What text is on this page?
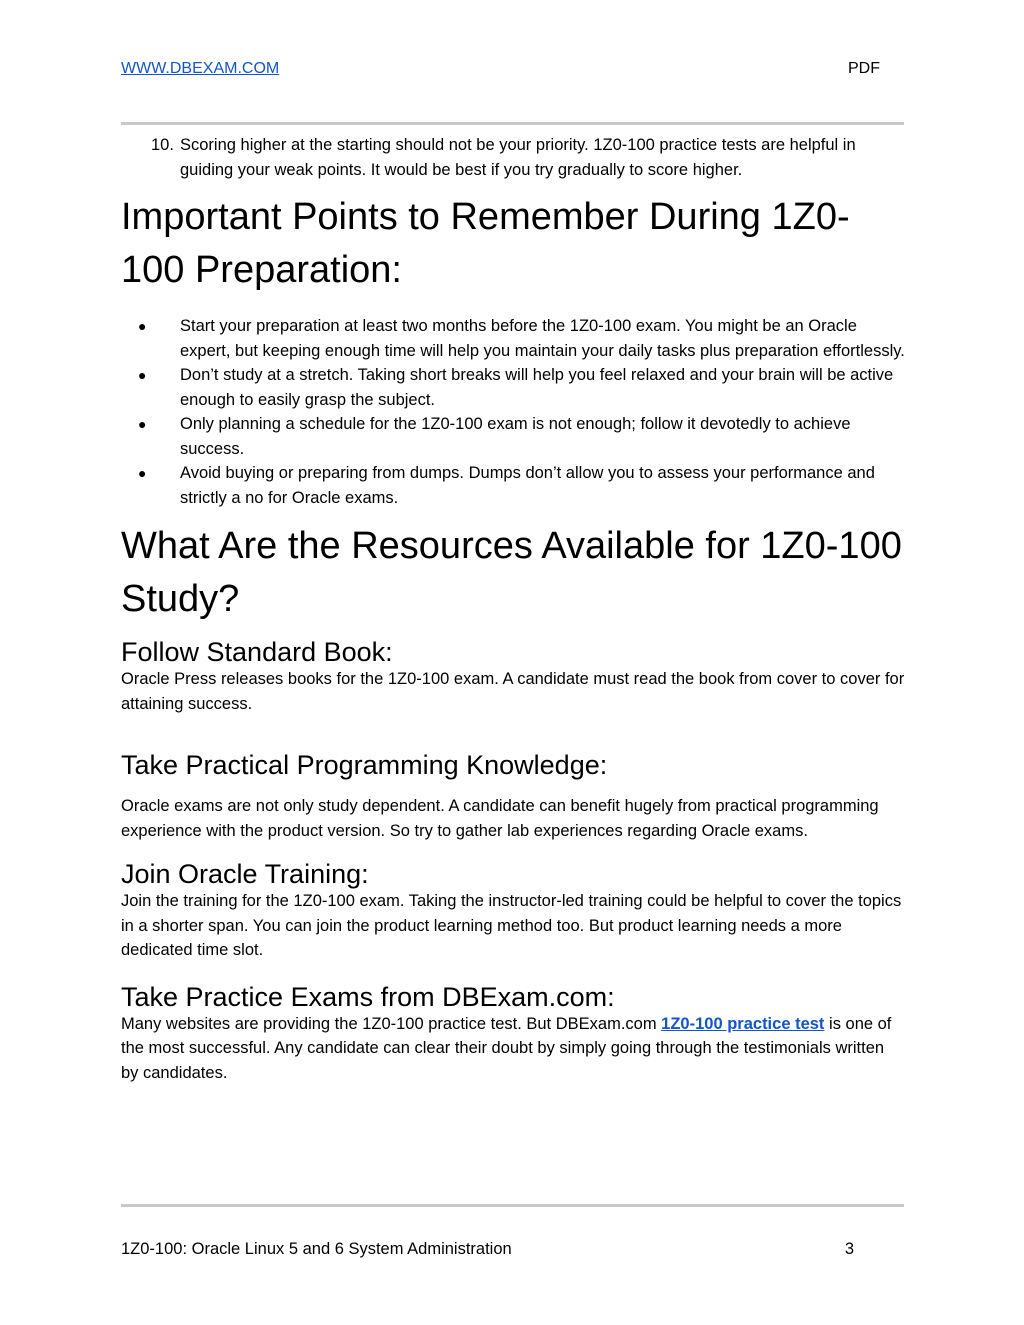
WWW.DBEXAM.COM	PDF
10. Scoring higher at the starting should not be your priority. 1Z0-100 practice tests are helpful in guiding your weak points. It would be best if you try gradually to score higher.
Important Points to Remember During 1Z0-100 Preparation:
● Start your preparation at least two months before the 1Z0-100 exam. You might be an Oracle expert, but keeping enough time will help you maintain your daily tasks plus preparation effortlessly.
● Don’t study at a stretch. Taking short breaks will help you feel relaxed and your brain will be active enough to easily grasp the subject.
● Only planning a schedule for the 1Z0-100 exam is not enough; follow it devotedly to achieve success.
● Avoid buying or preparing from dumps. Dumps don’t allow you to assess your performance and strictly a no for Oracle exams.
What Are the Resources Available for 1Z0-100 Study?
Follow Standard Book:

Oracle Press releases books for the 1Z0-100 exam. A candidate must read the book from cover to cover for attaining success.

Take Practical Programming Knowledge:

Oracle exams are not only study dependent. A candidate can benefit hugely from practical programming experience with the product version. So try to gather lab experiences regarding Oracle exams.

Join Oracle Training:

Join the training for the 1Z0-100 exam. Taking the instructor-led training could be helpful to cover the topics in a shorter span. You can join the product learning method too. But product learning needs a more dedicated time slot.

Take Practice Exams from DBExam.com:

Many websites are providing the 1Z0-100 practice test. But DBExam.com 1Z0-100 practice test is one of the most successful. Any candidate can clear their doubt by simply going through the testimonials written by candidates.

1Z0-100: Oracle Linux 5 and 6 System Administration	3
